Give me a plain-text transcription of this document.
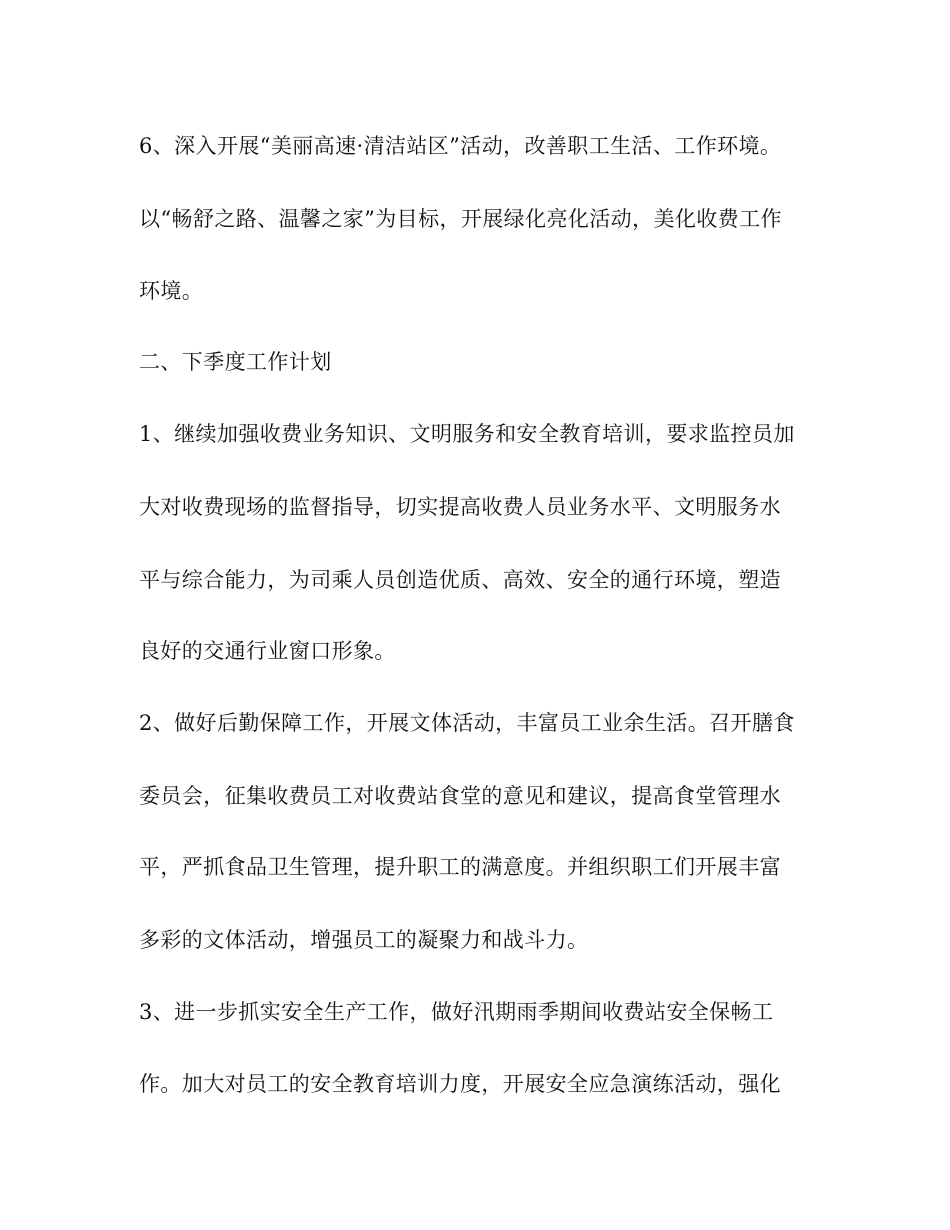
6、深入开展“美丽高速·清洁站区”活动，改善职工生活、工作环境。

以“畅舒之路、温馨之家”为目标，开展绿化亮化活动，美化收费工作

环境。

二、下季度工作计划

1、继续加强收费业务知识、文明服务和安全教育培训，要求监控员加

大对收费现场的监督指导，切实提高收费人员业务水平、文明服务水

平与综合能力，为司乘人员创造优质、高效、安全的通行环境，塑造

良好的交通行业窗口形象。

2、做好后勤保障工作，开展文体活动，丰富员工业余生活。召开膳食

委员会，征集收费员工对收费站食堂的意见和建议，提高食堂管理水

平，严抓食品卫生管理，提升职工的满意度。并组织职工们开展丰富

多彩的文体活动，增强员工的凝聚力和战斗力。

3、进一步抓实安全生产工作，做好汛期雨季期间收费站安全保畅工

作。加大对员工的安全教育培训力度，开展安全应急演练活动，强化
